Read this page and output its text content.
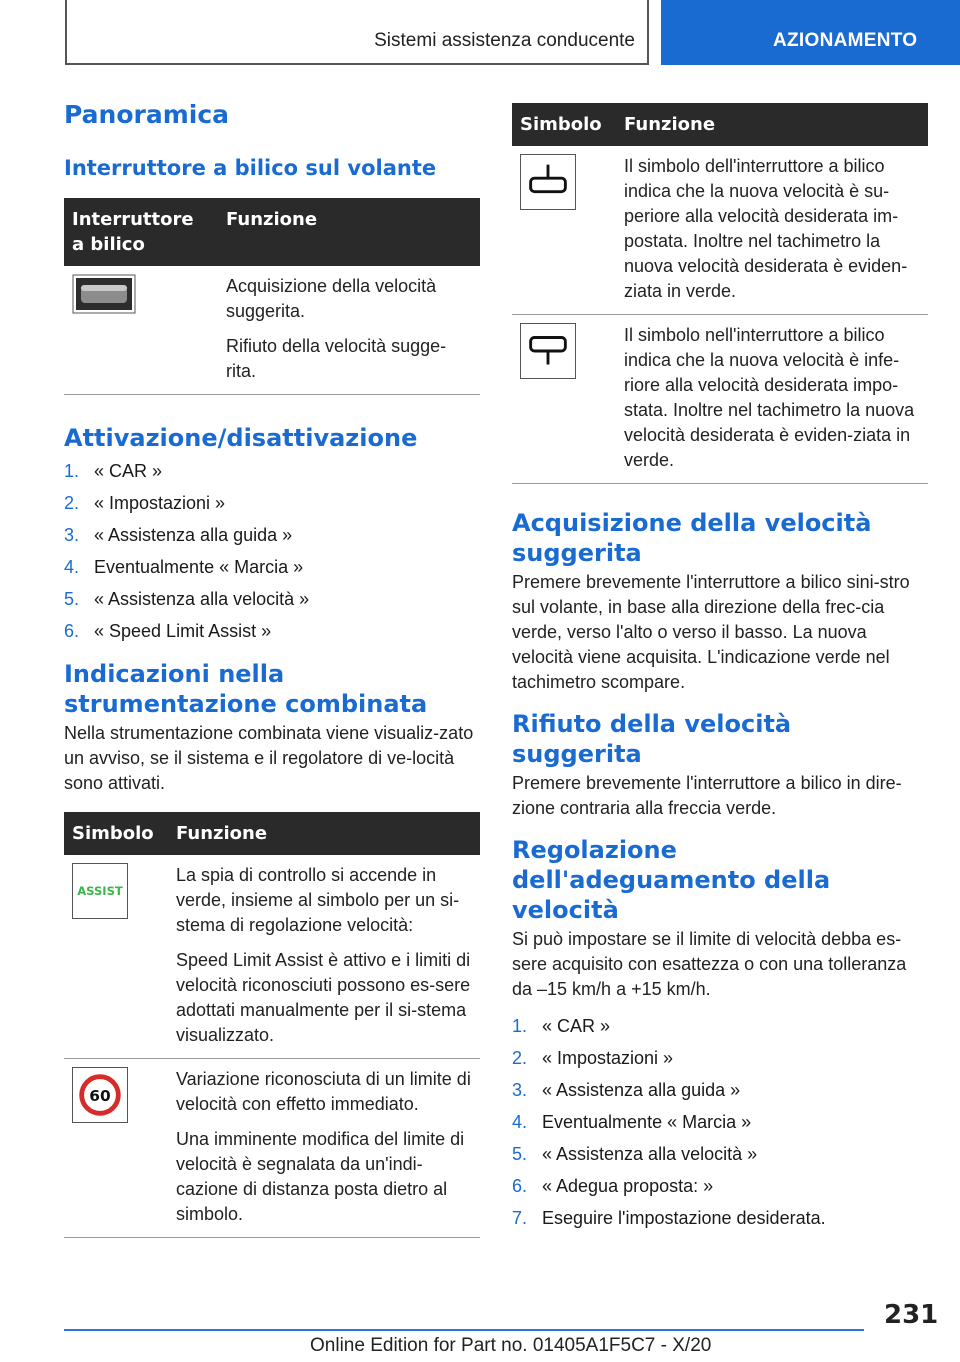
Sistemi assistenza conducente	AZIONAMENTO
Panoramica
Interruttore a bilico sul volante
Interruttore a bilico	Funzione

Acquisizione della velocità suggerita.

Rifiuto della velocità sugge-rita.

Attivazione/disattivazione
1. « CAR »
2. « Impostazioni »
3. « Assistenza alla guida »
4. Eventualmente « Marcia »
5. « Assistenza alla velocità »
6. « Speed Limit Assist »
Indicazioni nella strumentazione combinata

Nella strumentazione combinata viene visualiz-zato un avviso, se il sistema e il regolatore di ve-locità sono attivati.

Simbolo	Funzione

ASSIST	La spia di controllo si accende in verde, insieme al simbolo per un si-stema di regolazione velocità:

Speed Limit Assist è attivo e i limiti di velocità riconosciuti possono es-sere adottati manualmente per il si-stema visualizzato.

60	Variazione riconosciuta di un limite di velocità con effetto immediato.

Una imminente modifica del limite di velocità è segnalata da un'indi-cazione di distanza posta dietro al simbolo.

Simbolo	Funzione

Il simbolo dell'interruttore a bilico indica che la nuova velocità è su-periore alla velocità desiderata im-postata. Inoltre nel tachimetro la nuova velocità desiderata è eviden-ziata in verde.

Il simbolo nell'interruttore a bilico indica che la nuova velocità è infe-riore alla velocità desiderata impo-stata. Inoltre nel tachimetro la nuova velocità desiderata è eviden-ziata in verde.

Acquisizione della velocità suggerita

Premere brevemente l'interruttore a bilico sini-stro sul volante, in base alla direzione della frec-cia verde, verso l'alto o verso il basso. La nuova velocità viene acquisita. L'indicazione verde nel tachimetro scompare.

Rifiuto della velocità suggerita

Premere brevemente l'interruttore a bilico in dire-zione contraria alla freccia verde.

Regolazione dell'adeguamento della velocità

Si può impostare se il limite di velocità debba es-sere acquisito con esattezza o con una tolleranza da –15 km/h a +15 km/h.

1. « CAR »
2. « Impostazioni »
3. « Assistenza alla guida »
4. Eventualmente « Marcia »
5. « Assistenza alla velocità »
6. « Adegua proposta: »
7. Eseguire l'impostazione desiderata.
231
Online Edition for Part no. 01405A1F5C7 - X/20
